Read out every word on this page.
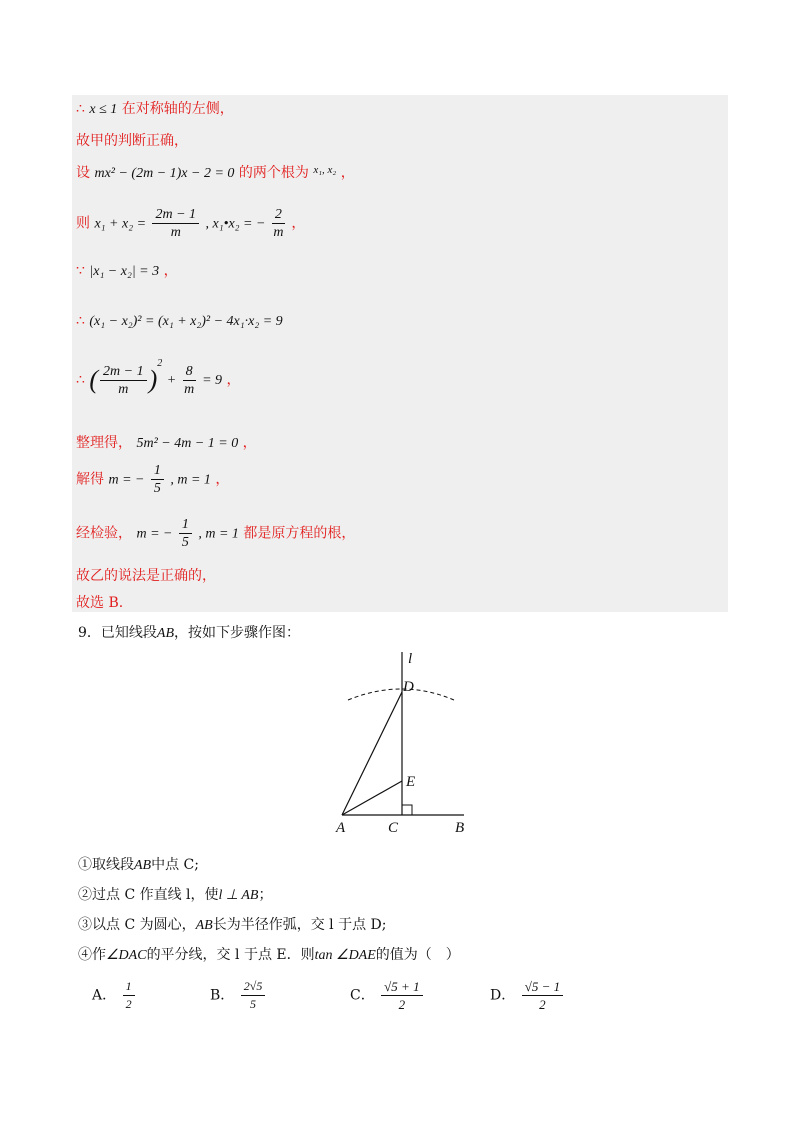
∴ x ≤ 1 在对称轴的左侧，
故甲的判断正确，
设 mx² − (2m − 1)x − 2 = 0 的两个根为 $^{x_1, x_2}$ ，
则 $x_1 + x_2 = \frac{2m - 1}{m}$ , x₁•x₂ = − $\frac{2}{m}$ ，
∵ |x₁ − x₂| = 3 ，
∴ (x₁ − x₂)² = (x₁ + x₂)² − 4x₁·x₂ = 9
∴ ( $\frac{2m - 1}{m} )^2 + \frac{8}{m} = 9$ ，
整理得， 5m² − 4m − 1 = 0 ，
解得 m = − $\frac{1}{5}$ , m = 1 ，
经检验， m = − $\frac{1}{5}$ , m = 1 都是原方程的根，
故乙的说法是正确的，
故选 B.
9．已知线段AB，按如下步骤作图：
l
D
E
A	C	B
①取线段AB中点 C;
②过点 C 作直线 l，使l ⊥ AB；
③以点 C 为圆心，AB长为半径作弧，交 l 于点 D;
④作∠DAC的平分线，交 l 于点 E．则tan ∠DAE的值为（　）
A． $\frac{1}{2}$	B． $\frac{2√5}{5}$	C． $\frac{√5 + 1}{2}$	D． $\frac{√5 - 1}{2}$
